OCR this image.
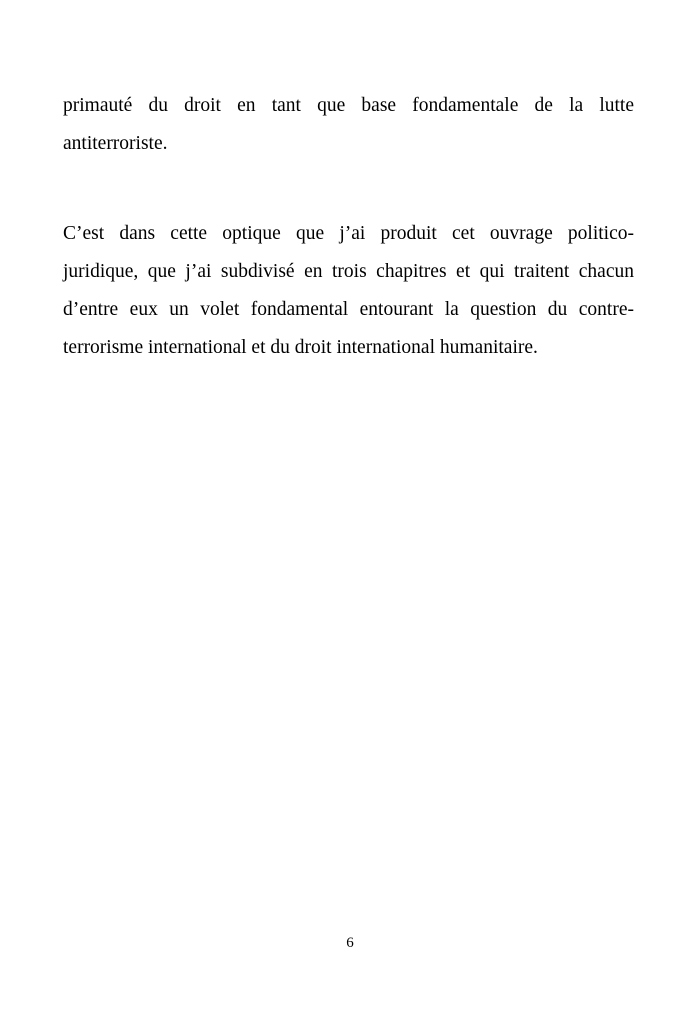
primauté du droit en tant que base fondamentale de la lutte
antiterroriste.
C’est dans cette optique que j’ai produit cet ouvrage politico-
juridique, que j’ai subdivisé en trois chapitres et qui traitent chacun
d’entre eux un volet fondamental entourant la question du contre-
terrorisme international et du droit international humanitaire.
6
